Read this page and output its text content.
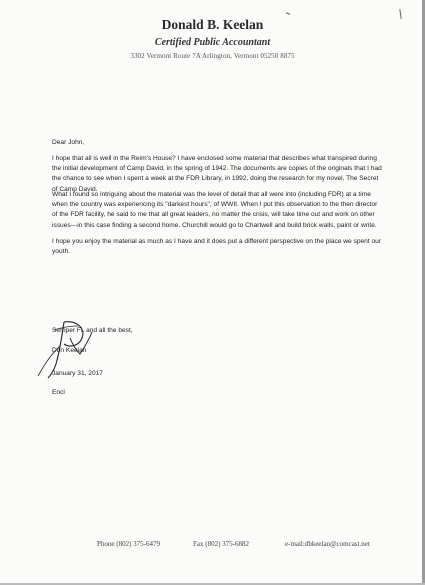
Donald B. Keelan
Certified Public Accountant
3302 Vermont Route 7A Arlington, Vermont 05250 8875
Dear John,

I hope that all is well in the Reim's House? I have enclosed some material that describes what transpired during the initial development of Camp David, in the spring of 1942. The documents are copies of the originals that I had the chance to see when I spent a week at the FDR Library, in 1992, doing the research for my novel, The Secret of Camp David.

What I found so intriguing about the material was the level of detail that all were into (including FDR) at a time when the country was experiencing its "darkest hours", of WWII. When I put this observation to the then director of the FDR facility, he said to me that all great leaders, no matter the crisis, will take time out and work on other issues---in this case finding a second home. Churchill would go to Chartwell and build brick walls, paint or write.

I hope you enjoy the material as much as I have and it does put a different perspective on the place we spent our youth.

Semper Fi, and all the best,
Don Keelan
January 31, 2017
Encl
Phone (802) 375-6479	Fax (802) 375-6882	e-mail:dbkeelan@comcast.net
